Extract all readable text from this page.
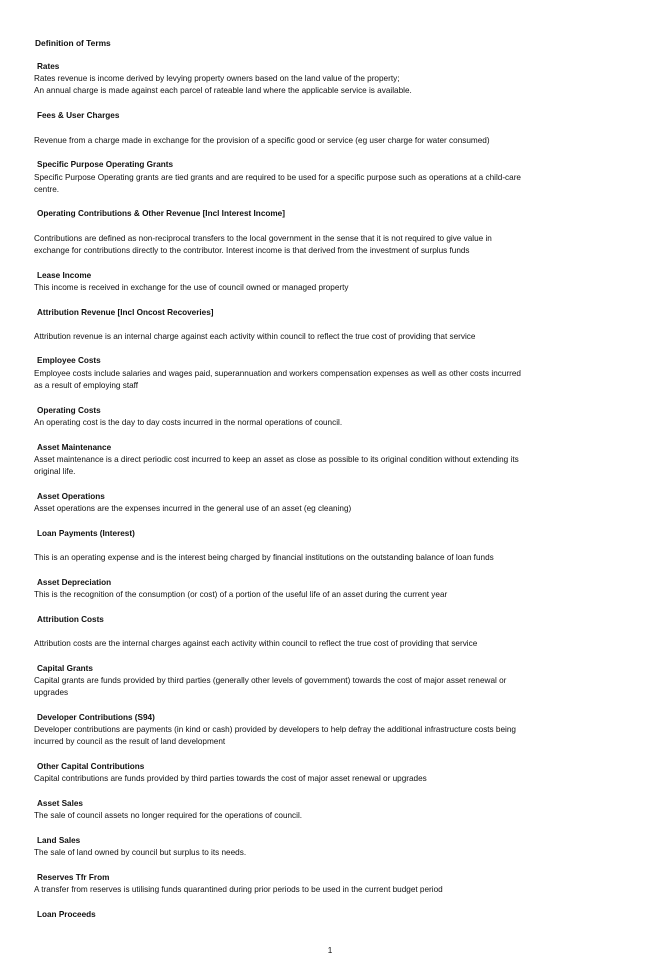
Definition of Terms
Rates
Rates revenue is income derived by levying property owners based on the land value of the property;
An annual charge is made against each parcel of rateable land where the applicable service is available.
Fees & User Charges
Revenue from a charge made in exchange for the provision of a specific good or service (eg user charge for water consumed)
Specific Purpose Operating Grants
Specific Purpose Operating grants are tied grants and are required to be used for a specific purpose such as operations at a child-care
centre.
Operating Contributions & Other Revenue [Incl Interest Income]
Contributions are defined as non-reciprocal transfers to the local government in the sense that it is not required to give value in
exchange for contributions directly to the contributor. Interest income is that derived from the investment of surplus funds
Lease Income
This income is received in exchange for the use of council owned or managed property
Attribution Revenue [Incl Oncost Recoveries]
Attribution revenue is an internal charge against each activity within council to reflect the true cost of providing that service
Employee Costs
Employee costs include salaries and wages paid, superannuation and workers compensation expenses as well as other costs incurred
as a result of employing staff
Operating Costs
An operating cost is the day to day costs incurred in the normal operations of council.
Asset Maintenance
Asset maintenance is a direct periodic cost incurred to keep an asset as close as possible to its original condition without extending its
original life.
Asset Operations
Asset operations are the expenses incurred in the general use of an asset (eg cleaning)
Loan Payments (Interest)
This is an operating expense and is the interest being charged by financial institutions on the outstanding balance of loan funds
Asset Depreciation
This is the recognition of the consumption (or cost) of a portion of the useful life of an asset during the current year
Attribution Costs
Attribution costs are the internal charges against each activity within council to reflect the true cost of providing that service
Capital Grants
Capital grants are funds provided by third parties (generally other levels of government) towards the cost of major asset renewal or
upgrades
Developer Contributions (S94)
Developer contributions are payments (in kind or cash) provided by developers to help defray the additional infrastructure costs being
incurred by council as the result of land development
Other Capital Contributions
Capital contributions are funds provided by third parties towards the cost of major asset renewal or upgrades
Asset Sales
The sale of council assets no longer required for the operations of council.
Land Sales
The sale of land owned by council but surplus to its needs.
Reserves Tfr From
A transfer from reserves is utilising funds quarantined during prior periods to be used in the current budget period
Loan Proceeds
1
